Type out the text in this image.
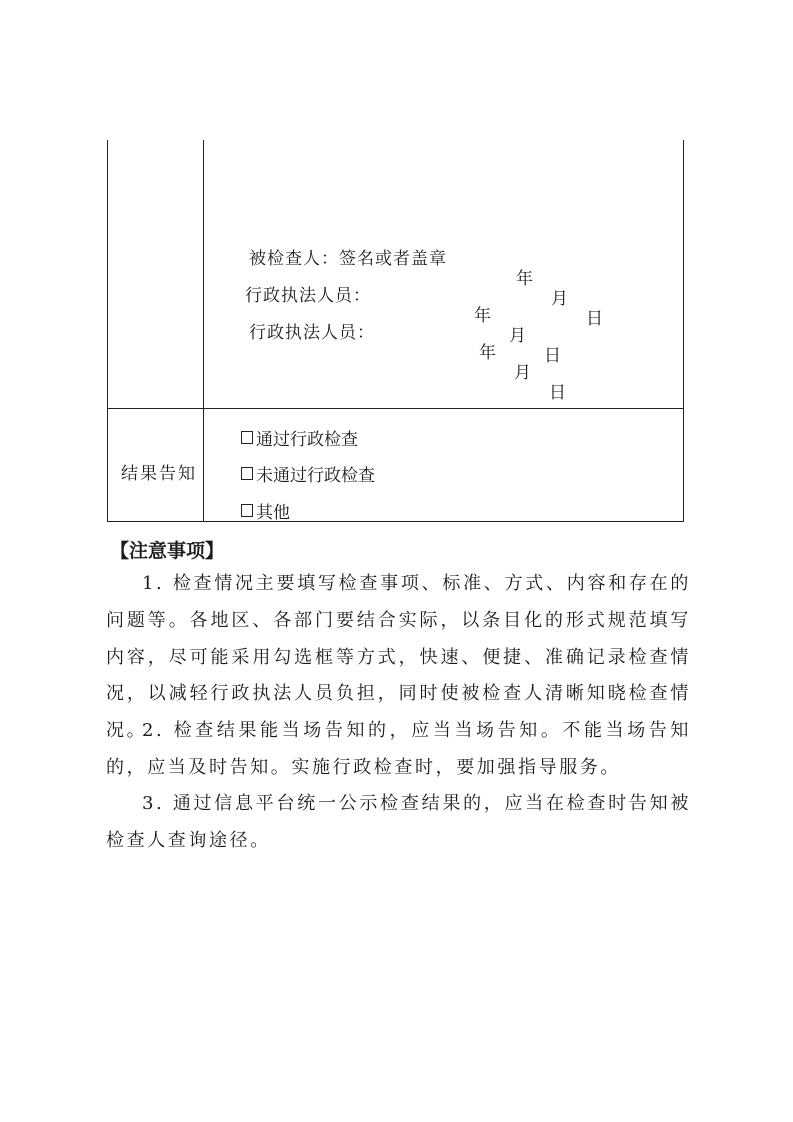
被检查人：签名或者盖章

年

月

日

行政执法人员：

年

月

日

行政执法人员：

年

月

日

结果告知
通过行政检查
未通过行政检查
其他
【注意事项】

1. 检查情况主要填写检查事项、标准、方式、内容和存在的问题等。各地区、各部门要结合实际，以条目化的形式规范填写内容，尽可能采用勾选框等方式，快速、便捷、准确记录检查情况，以减轻行政执法人员负担，同时使被检查人清晰知晓检查情况。

2. 检查结果能当场告知的，应当当场告知。不能当场告知的，应当及时告知。实施行政检查时，要加强指导服务。

3. 通过信息平台统一公示检查结果的，应当在检查时告知被检查人查询途径。
